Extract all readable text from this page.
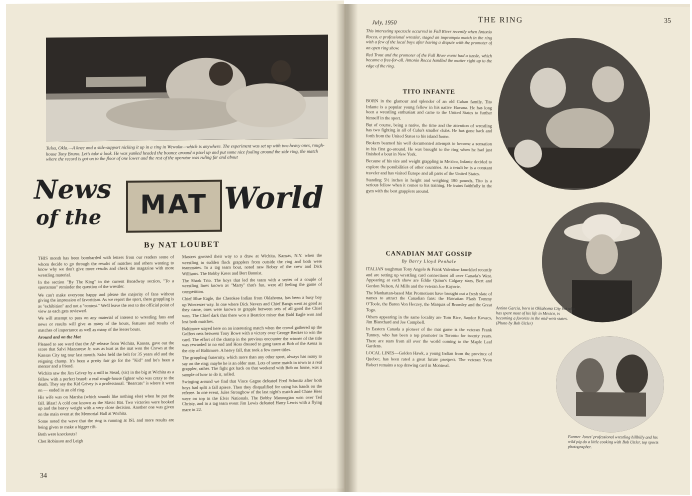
Tulsa, Okla.—A knee and a side-support nicking it up in a ring in Wewoka—which is anywhere. The experiment was set up with two heavy ones, rough-house Tony Bruno. Let's take a look. He was yanked headed the bounce around a pixel up and put some nice fooling around the side ring, the match where the record is got on to the floor of one lower and the rest of the operator was ruling far and about
News
of the	MAT World
By NAT LOUBET

THIS month has been bombarded with letters from our readers some of whom decide to go through the results of matches and others wanting to know why we don't give more results and check the magazine with more wrestling material.

In the section "By The King" in the current Broadway section, "To a sportsman" reminder the question of the wrestler.

We can't make everyone happy and please the majority of fans without giving the impression of favoritism. As we report the sport, there grappling is as "exhibition" and not a "contest." We'll leave the rest to the official point of view as each gets reviewed.

We will attempt to pass on any material of interest to wrestling fans and news or results will give as many of the bouts, features and results of matches of importance as well as many of the lesser bouts.

Around and on the Mat

Pleased to see word that the AP release from Wichita, Kansas, gave out the score that Salvi Mazzarese Jr. was as hurt as the mat won the Crown at the Kansas City tag tour last month. Salvi held the belt for 35 years old and the reigning champ. It's been a pretty fair go for the "Kid" and he's been a mentor and a friend.

Wichita saw the Jim Grivey by a mill in Stead, (sic) in the big at Wichita as a fellow with a perfect brand: a real rough-house fighter who was crazy to the death. They say the Kid Grivey is a professional. "Bearcats" is where it went on — ended in an old ring.

His wife was on Marsha (which sounds like nothing else) when he put the fall. Blast! A cold one known as the Slavic Bat. Two victories were booked up and the heavy weight with a very close decision. Another one was given on the main event at the Memorial Hall at Wichita.

Some noted the wave that the ring is running at ISL and more results are being given to make a bigger rift.

Both were knockouts!

Chet Robinson and Leigh

Masters grossed their way to a draw at Wichita, Kansas, N.Y. when the wrestling in sudden flock grapplers from outside the ring and both were teammates. In a tag team bout, noted new Robey of the crew and Dick Williams. The Bobby Kress and Bert Bannist.

The Shark Trio. The boys that led the team with a series of a couple of wrestling lines known as "Marty" that's fun, were all feeling the game of competition.

Chief Blue Eagle, the Cherokee Indian from Oklahoma, has been a busy boy up Worcester way. In one where Dick Nevers and Chief Bangs went as good as they came, ones were known to grapple between sets of all good the Chief won. The Chief dark that there won a Beatrice mixer that Bald Eagle won and lost both matches.

Baltimore stayed here on an interesting match when the crowd gathered up the Golfers nets between Tony Bowe with a victory over George Becker to win the card. The effort of the champ in the previous encounter the winner of the title was rewarded to no end and Hoss dressed to gang team at Bob of the Arena in the city of Baltimore. A heavy fall, that took a few more titles.

The grappling fraternity, which more than any other sport, always has many to say on the ring; maybe he is an older man. Lots of some match in town to a real grappler, rather. The fight got back on that weekend with Bob on home, was a sample of how to do it, rolled.

Swinging around we find that Vince Gagne defeated Fred Schmitz after both boys had split a fall apiece. Then they disqualified for using his hands on the referee. In one event, Jules Strongbow of the last night's match and Chase Hess were on top in the Elvis Nationals. The Bobby Manoogian won over Ted Christy, and in a tag team event Jim Lewis defeated Harry Lewis with a flying mare in 22.

34
THE RING
July, 1950	35

This interesting spectacle occurred in Fall River recently when Antonio Rocca, a professional wrestler, staged an impromptu match in the ring with a few of the local boys after having a dispute with the promoter of an open ring show.

Red Trout and the promoter of the Fall River event had a tussle, which became a free-for-all. Antonio Rocca handled the matter right up to the edge of the ring.

TITO INFANTE

BORN in the glamour and splendor of an old Cuban family, Tito Infante is a popular young fellow in his native Havana. He has long been a wrestling enthusiast and came to the United States to further himself in the sport.

But of course, being a native, the time and the attention of wrestling has two fighting in all of Cuba's smaller clubs. He has gone back and forth from the United States to his island home.

Brokers beamed his well documented attempts to become a sensation in his first go-around. He was brought to the ring when he had just finished a bout in New York.

Because of his size and weight grappling in Mexico, Infante decided to explore the possibilities of other countries. As a result he is a constant traveler and has visited Europe and all parts of the United States.

Standing 5½ inches in height and weighing 180 pounds, Tito is a serious fellow when it comes to his training. He trains faithfully in the gym with the best grapplers around.

CANADIAN MAT GOSSIP
By Barry Lloyd Penhale

ITALIAN toughman Tony Angelo & Frank Valentine knuckled recently and are setting up wrestling card connections all over Canada's West. Appearing at each show are Eddie Quinn's Calgary stars, Bert and Gordon Nelson, Al Mills and the veteran Joe Kayorie.

The Manhattan-based Mat Promotions have brought out a fresh slate of names to attract the Canadian fans: the Hawaiian Flash Tommy O'Toole, the Baron Von Heczey, the Marquis of Bromley and the Great Togo.

Others appearing in the same locality are Tom Rice, Sandor Kovacs, Jim Blanchard and Joe Campbell.

In Eastern Canada a pioneer of the mat game is the veteran Frank Tunney, who has been a top promoter in Toronto for twenty years. There are stars from all over the world coming to the Maple Leaf Gardens.

LOCAL LINES—Golden Hawk, a young Indian from the province of Quebec, has been rated a great future prospect. The veteran Yvon Robert remains a top drawing card in Montreal.

Antino Garcia, born in Oklahoma City but who has spent most of his life in Mexico, is becoming a favorite in the mid-west states. (Photo by Bob Uttler)
Farmer Jones' professional wrestling hillbilly and his wild pig do a little cooking with Bob Uttler, top sports photographer.
